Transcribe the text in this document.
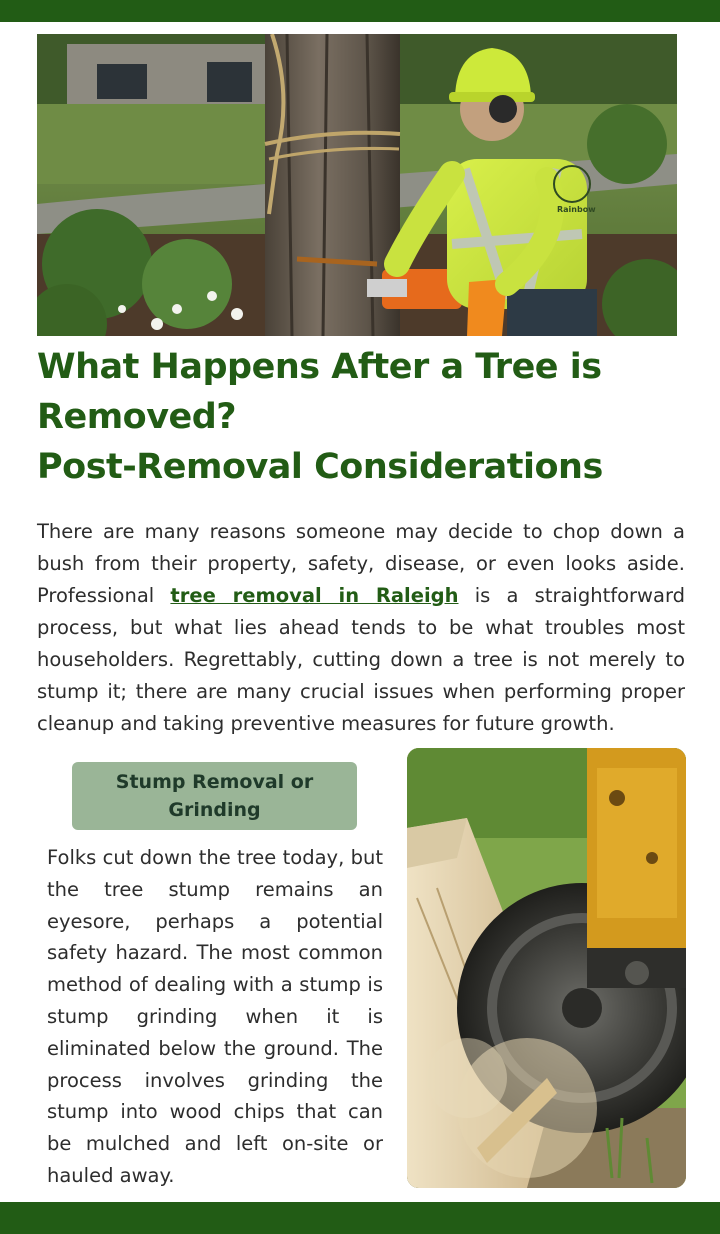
Rainbow
What Happens After a Tree is
Removed?
Post-Removal Considerations

There are many reasons someone may decide to chop down a bush from their property, safety, disease, or even looks aside. Professional tree removal in Raleigh is a straightforward process, but what lies ahead tends to be what troubles most householders. Regrettably, cutting down a tree is not merely to stump it; there are many crucial issues when performing proper cleanup and taking preventive measures for future growth.

Stump Removal or Grinding

Folks cut down the tree today, but the tree stump remains an eyesore, perhaps a potential safety hazard. The most common method of dealing with a stump is stump grinding when it is eliminated below the ground. The process involves grinding the stump into wood chips that can be mulched and left on-site or hauled away.
